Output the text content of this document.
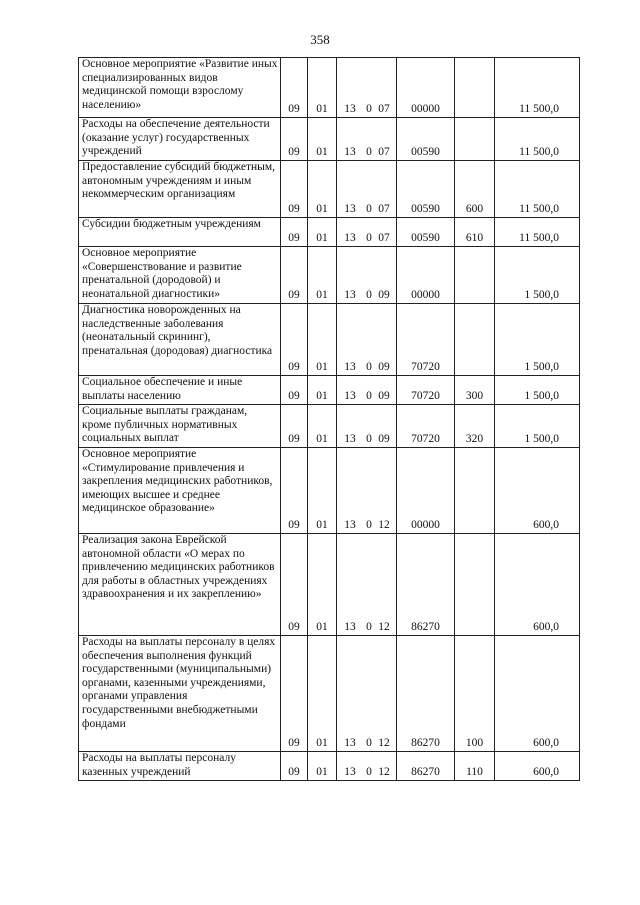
358
Основное мероприятие «Развитие иных специализированных видов медицинской помощи взрослому населению»	09	01	13 0 07	00000		11 500,0
Расходы на обеспечение деятельности (оказание услуг) государственных учреждений	09	01	13 0 07	00590		11 500,0
Предоставление субсидий бюджетным, автономным учреждениям и иным некоммерческим организациям	09	01	13 0 07	00590	600	11 500,0
Субсидии бюджетным учреждениям	09	01	13 0 07	00590	610	11 500,0
Основное мероприятие «Совершенствование и развитие пренатальной (дородовой) и неонатальной диагностики»	09	01	13 0 09	00000		1 500,0
Диагностика новорожденных на наследственные заболевания (неонатальный скрининг), пренатальная (дородовая) диагностика	09	01	13 0 09	70720		1 500,0
Социальное обеспечение и иные выплаты населению	09	01	13 0 09	70720	300	1 500,0
Социальные выплаты гражданам, кроме публичных нормативных социальных выплат	09	01	13 0 09	70720	320	1 500,0
Основное мероприятие «Стимулирование привлечения и закрепления медицинских работников, имеющих высшее и среднее медицинское образование»	09	01	13 0 12	00000		600,0
Реализация закона Еврейской автономной области «О мерах по привлечению медицинских работников для работы в областных учреждениях здравоохранения и их закреплению»	09	01	13 0 12	86270		600,0
Расходы на выплаты персоналу в целях обеспечения выполнения функций государственными (муниципальными) органами, казенными учреждениями, органами управления государственными внебюджетными фондами	09	01	13 0 12	86270	100	600,0
Расходы на выплаты персоналу казенных учреждений	09	01	13 0 12	86270	110	600,0
